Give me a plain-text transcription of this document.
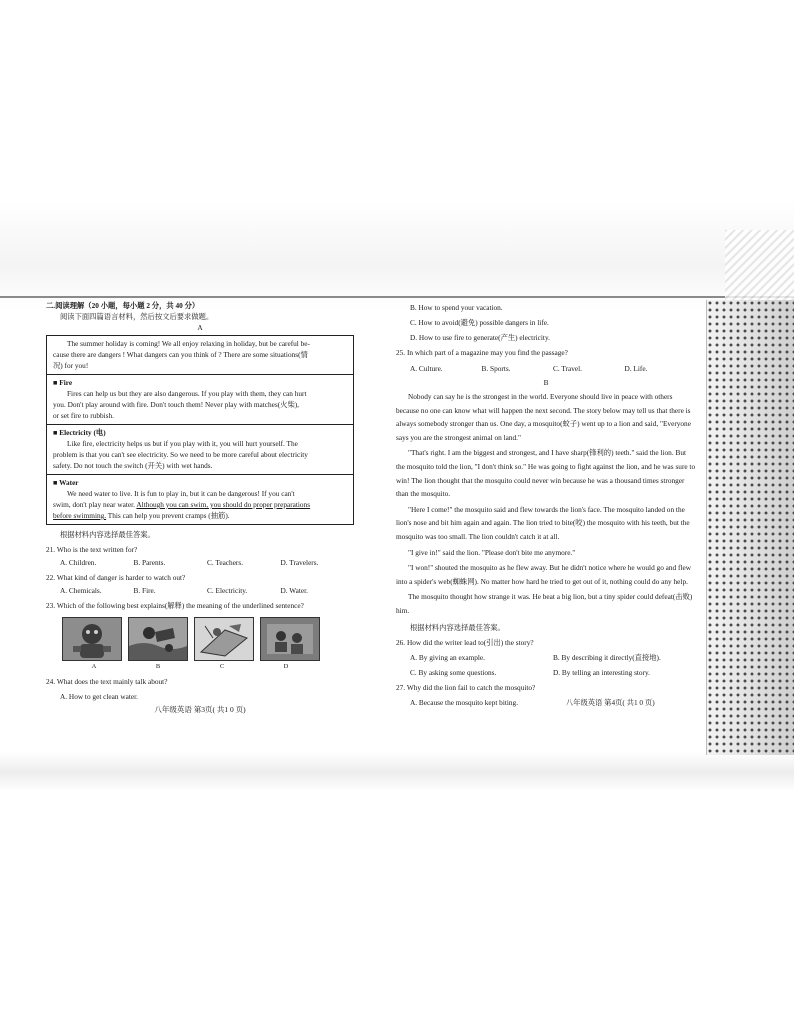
二.阅读理解（20 小题，每小题 2 分，共 40 分）
阅读下面四篇语言材料，然后按文后要求做题。
A
The summer holiday is coming! We all enjoy relaxing in holiday, but be careful be-
cause there are dangers ! What dangers can you think of ? There are some situations(情
况) for you!
■ Fire
Fires can help us but they are also dangerous. If you play with them, they can hurt
you. Don't play around with fire. Don't touch them! Never play with matches(火柴),
or set fire to rubbish.
■ Electricity (电)
Like fire, electricity helps us but if you play with it, you will hurt yourself. The
problem is that you can't see electricity. So we need to be more careful about electricity
safety. Do not touch the switch (开关) with wet hands.
■ Water
We need water to live. It is fun to play in, but it can be dangerous! If you can't
swim, don't play near water. Although you can swim, you should do proper preparations
before swimming. This can help you prevent cramps (抽筋).
根据材料内容选择最佳答案。
21. Who is the text written for?
A. Children.	B. Parents.	C. Teachers.	D. Travelers.
22. What kind of danger is harder to watch out?
A. Chemicals.	B. Fire.	C. Electricity.	D. Water.
23. Which of the following best explains(解释) the meaning of the underlined sentence?
A	B	C	D
24. What does the text mainly talk about?
A. How to get clean water.
八年级英语 第3页( 共1 0 页)
B. How to spend your vacation.
C. How to avoid(避免) possible dangers in life.
D. How to use fire to generate(产生) electricity.
25. In which part of a magazine may you find the passage?
A. Culture.	B. Sports.	C. Travel.	D. Life.
B
Nobody can say he is the strongest in the world. Everyone should live in peace with others because no one can know what will happen the next second. The story below may tell us that there is always somebody stronger than us. One day, a mosquito(蚊子) went up to a lion and said, "Everyone says you are the strongest animal on land."
"That's right. I am the biggest and strongest, and I have sharp(锋利的) teeth." said the lion. But the mosquito told the lion, "I don't think so." He was going to fight against the lion, and he was sure to win! The lion thought that the mosquito could never win because he was a thousand times stronger than the mosquito.
"Here I come!" the mosquito said and flew towards the lion's face. The mosquito landed on the lion's nose and bit him again and again. The lion tried to bite(咬) the mosquito with his teeth, but the mosquito was too small. The lion couldn't catch it at all.
"I give in!" said the lion. "Please don't bite me anymore."
"I won!" shouted the mosquito as he flew away. But he didn't notice where he would go and flew into a spider's web(蜘蛛网). No matter how hard he tried to get out of it, nothing could do any help.
The mosquito thought how strange it was. He beat a big lion, but a tiny spider could defeat(击败) him.
根据材料内容选择最佳答案。
26. How did the writer lead to(引出) the story?
A. By giving an example.	B. By describing it directly(直接地).
C. By asking some questions.	D. By telling an interesting story.
27. Why did the lion fail to catch the mosquito?
A. Because the mosquito kept biting.	八年级英语 第4页( 共1 0 页)
